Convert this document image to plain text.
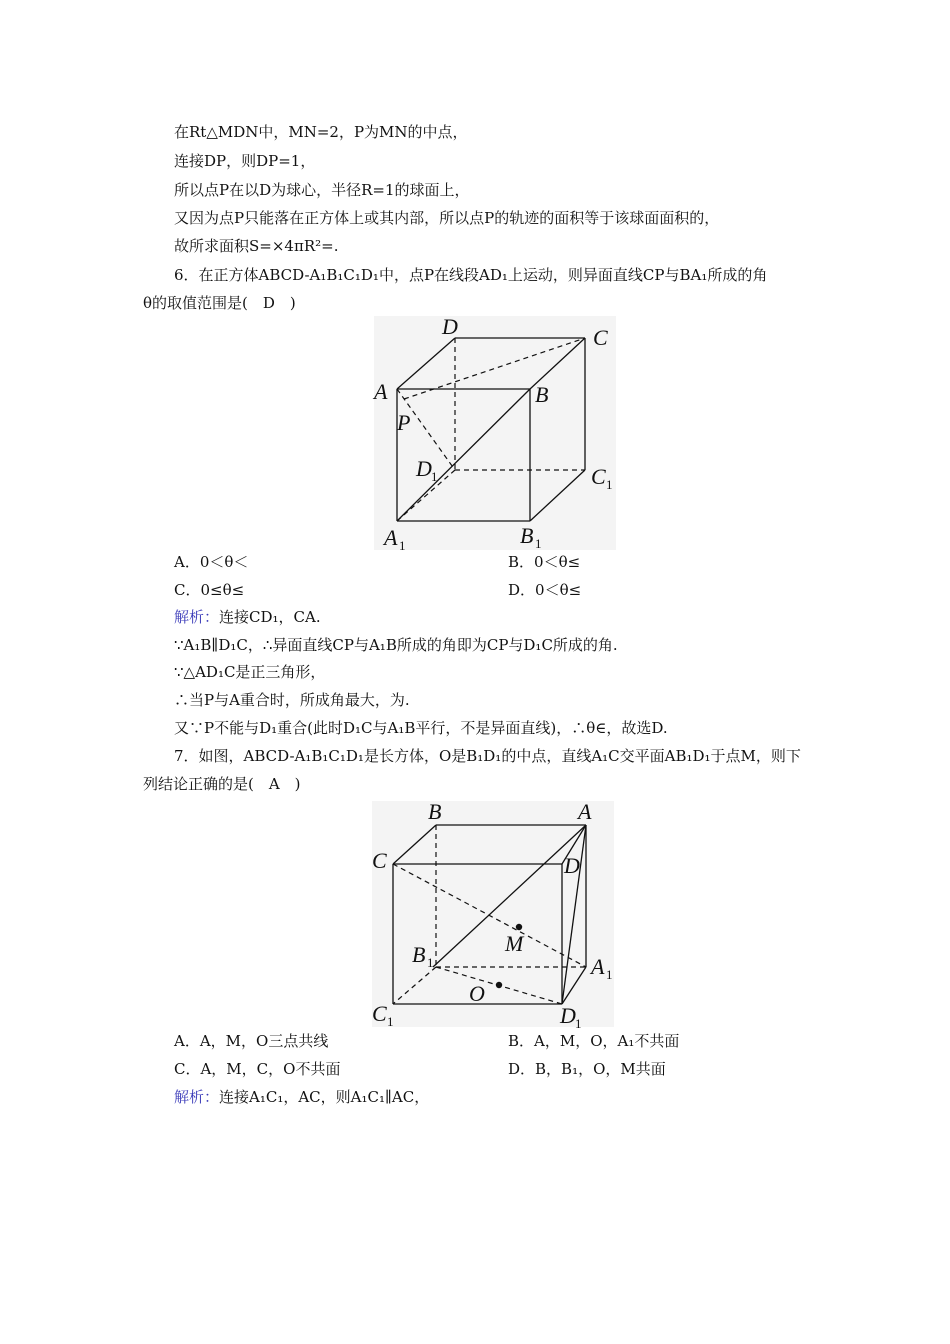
在Rt△MDN中，MN=2，P为MN的中点，
连接DP，则DP=1，
所以点P在以D为球心，半径R=1的球面上，
又因为点P只能落在正方体上或其内部，所以点P的轨迹的面积等于该球面面积的，
故所求面积S=×4πR²=.
6．在正方体ABCD-A₁B₁C₁D₁中，点P在线段AD₁上运动，则异面直线CP与BA₁所成的角
θ的取值范围是(　D　)
D	C
A	B
P
D 1	C 1
A 1	B 1
A．0＜θ＜	B．0＜θ≤
C．0≤θ≤	D．0＜θ≤
解析：连接CD₁，CA.
∵A₁B∥D₁C，∴异面直线CP与A₁B所成的角即为CP与D₁C所成的角.
∵△AD₁C是正三角形，
∴当P与A重合时，所成角最大，为.
又∵P不能与D₁重合(此时D₁C与A₁B平行，不是异面直线)，∴θ∈，故选D.
7．如图，ABCD-A₁B₁C₁D₁是长方体，O是B₁D₁的中点，直线A₁C交平面AB₁D₁于点M，则下
列结论正确的是(　A　)
B	A
C	D
M
B 1	A 1
O
C 1	D 1
A．A，M，O三点共线	B．A，M，O，A₁不共面
C．A，M，C，O不共面	D．B，B₁，O，M共面
解析：连接A₁C₁，AC，则A₁C₁∥AC，
